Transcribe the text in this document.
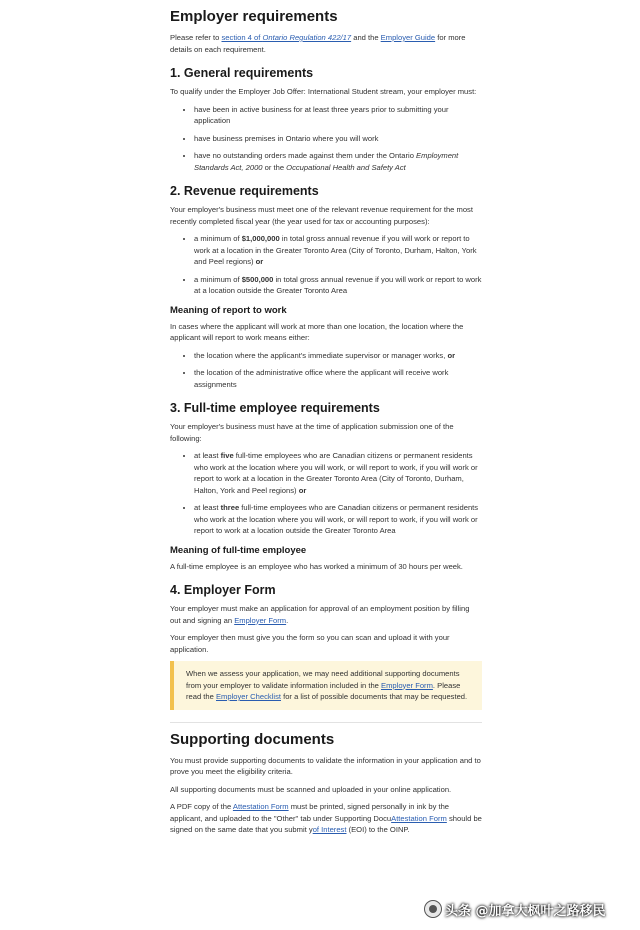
Employer requirements

Please refer to section 4 of Ontario Regulation 422/17 and the Employer Guide for more details on each requirement.

1. General requirements

To qualify under the Employer Job Offer: International Student stream, your employer must:

• have been in active business for at least three years prior to submitting your application
• have business premises in Ontario where you will work
• have no outstanding orders made against them under the Ontario Employment Standards Act, 2000 or the Occupational Health and Safety Act
2. Revenue requirements

Your employer's business must meet one of the relevant revenue requirement for the most recently completed fiscal year (the year used for tax or accounting purposes):

• a minimum of $1,000,000 in total gross annual revenue if you will work or report to work at a location in the Greater Toronto Area (City of Toronto, Durham, Halton, York and Peel regions) or
• a minimum of $500,000 in total gross annual revenue if you will work or report to work at a location outside the Greater Toronto Area
Meaning of report to work

In cases where the applicant will work at more than one location, the location where the applicant will report to work means either:

• the location where the applicant's immediate supervisor or manager works, or
• the location of the administrative office where the applicant will receive work assignments
3. Full-time employee requirements

Your employer's business must have at the time of application submission one of the following:

• at least five full-time employees who are Canadian citizens or permanent residents who work at the location where you will work, or will report to work, if you will work or report to work at a location in the Greater Toronto Area (City of Toronto, Durham, Halton, York and Peel regions) or
• at least three full-time employees who are Canadian citizens or permanent residents who work at the location where you will work, or will report to work, if you will work or report to work at a location outside the Greater Toronto Area
Meaning of full-time employee

A full-time employee is an employee who has worked a minimum of 30 hours per week.

4. Employer Form

Your employer must make an application for approval of an employment position by filling out and signing an Employer Form.

Your employer then must give you the form so you can scan and upload it with your application.

When we assess your application, we may need additional supporting documents from your employer to validate information included in the Employer Form. Please read the Employer Checklist for a list of possible documents that may be requested.

Supporting documents

You must provide supporting documents to validate the information in your application and to prove you meet the eligibility criteria.

All supporting documents must be scanned and uploaded in your online application.

A PDF copy of the Attestation Form must be printed, signed personally in ink by the applicant, and uploaded to the "Other" tab under Supporting DocuAttestation Form should be signed on the same date that you submit yof Interest (EOI) to the OINP.

头条 @加拿大枫叶之路移民
